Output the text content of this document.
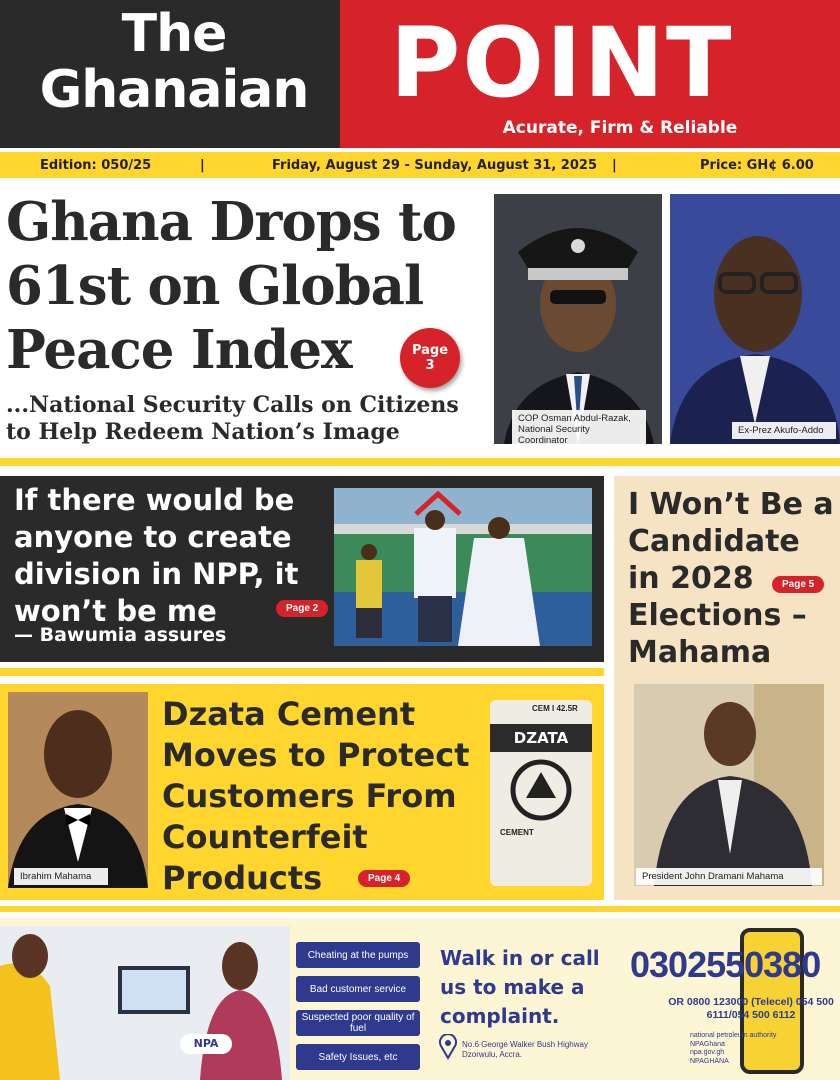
The Ghanaian POINT
Acurate, Firm & Reliable
Edition: 050/25	|	Friday, August 29 - Sunday, August 31, 2025 |	Price: GH¢ 6.00
Ghana Drops to 61st on Global Peace Index	Page
3
...National Security Calls on Citizens to Help Redeem Nation’s Image
COP Osman Abdul-Razak, National Security Coordinator
Ex-Prez Akufo-Addo
If there would be anyone to create division in NPP, it won’t be me	Page 2
— Bawumia assures
I Won’t Be a Candidate in 2028 Elections – Mahama
Page 5
President John Dramani Mahama
Ibrahim Mahama
Dzata Cement Moves to Protect Customers From Counterfeit Products	Page 4
CEM I 42.5R
DZATA
CEMENT
NPA
Cheating at the pumps
Bad customer service
Suspected poor quality of fuel
Safety Issues, etc
Walk in or call us to make a complaint.
No.6 George Walker Bush Highway Dzorwulu, Accra.
0302550380
OR 0800 123000 (Telecel) 054 500 6111/054 500 6112
national petroleum authority
NPAGhana
npa.gov.gh
NPAGHANA
